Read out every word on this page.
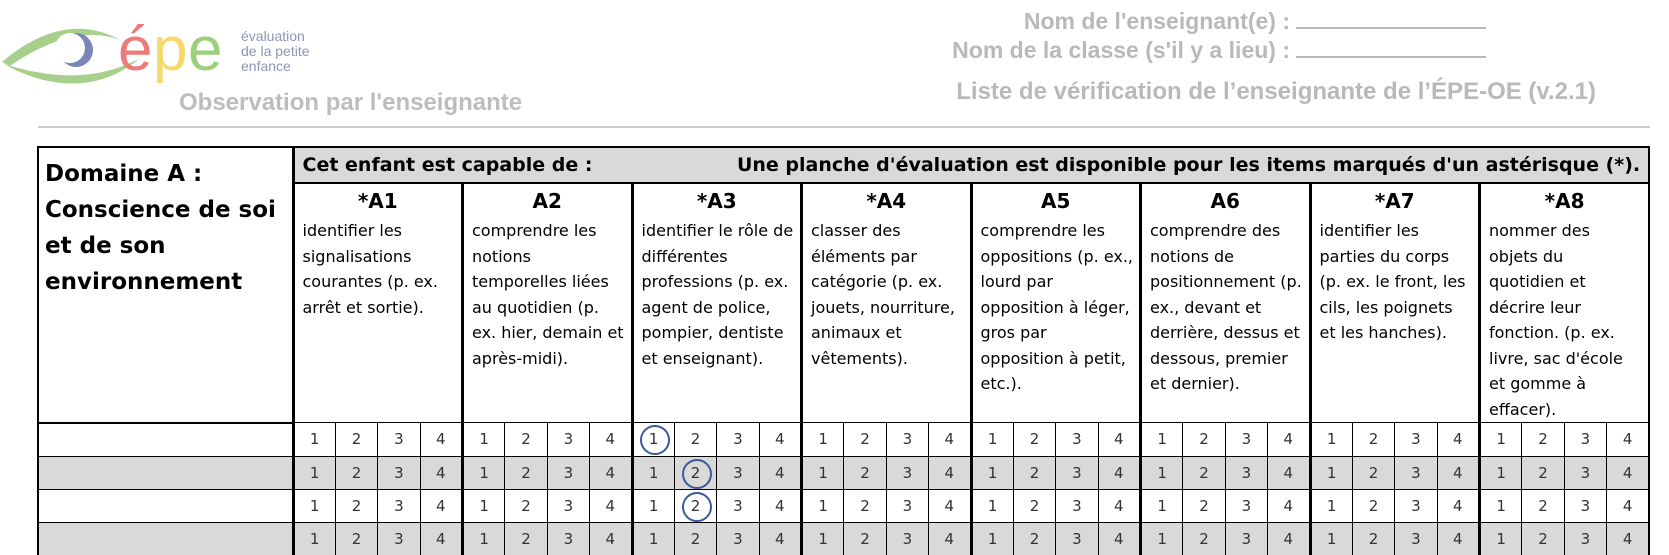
é p e évaluation
de la petite
enfance
Observation par l'enseignante
Nom de l'enseignant(e) :
Nom de la classe (s'il y a lieu) :
Liste de vérification de l’enseignante de l’ÉPE-OE (v.2.1)
Domaine A : Conscience de soi et de son environnement	Cet enfant est capable de : Une planche d'évaluation est disponible pour les items marqués d'un astérisque (*).																															

	*A1				A2				*A3				*A4				A5				A6				*A7				*A8			
	identifier les signalisations courantes (p. ex. arrêt et sortie).				comprendre les notions temporelles liées au quotidien (p. ex. hier, demain et après-midi).				identifier le rôle de différentes professions (p. ex. agent de police, pompier, dentiste et enseignant).				classer des éléments par catégorie (p. ex. jouets, nourriture, animaux et vêtements).				comprendre les oppositions (p. ex., lourd par opposition à léger, gros par opposition à petit, etc.).				comprendre des notions de positionnement (p. ex., devant et derrière, dessus et dessous, premier et dernier).				identifier les parties du corps (p. ex. le front, les cils, les poignets et les hanches).				nommer des objets du quotidien et décrire leur fonction. (p. ex. livre, sac d'école et gomme à effacer).			
	1	2	3	4	1	2	3	4	1	2	3	4	1	2	3	4	1	2	3	4	1	2	3	4	1	2	3	4	1	2	3	4
	1	2	3	4	1	2	3	4	1	2	3	4	1	2	3	4	1	2	3	4	1	2	3	4	1	2	3	4	1	2	3	4
	1	2	3	4	1	2	3	4	1	2	3	4	1	2	3	4	1	2	3	4	1	2	3	4	1	2	3	4	1	2	3	4
	1	2	3	4	1	2	3	4	1	2	3	4	1	2	3	4	1	2	3	4	1	2	3	4	1	2	3	4	1	2	3	4
